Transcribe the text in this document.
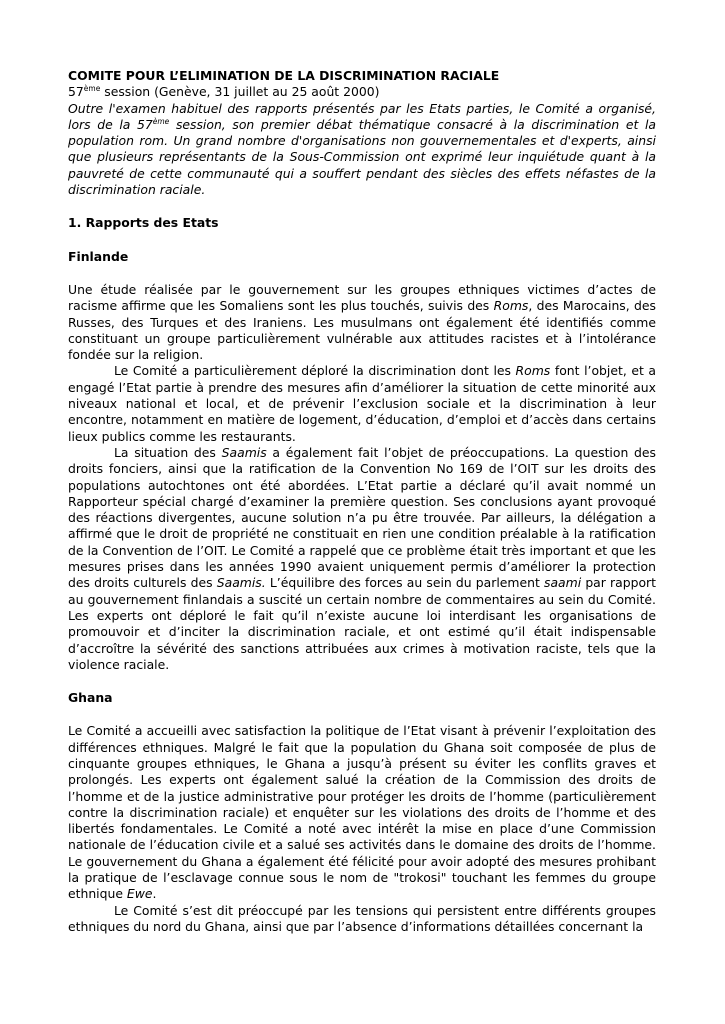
COMITE POUR L’ELIMINATION DE LA DISCRIMINATION RACIALE

57ème session (Genève, 31 juillet au 25 août 2000)

Outre l'examen habituel des rapports présentés par les Etats parties, le Comité a organisé, lors de la 57ème session, son premier débat thématique consacré à la discrimination et la population rom. Un grand nombre d'organisations non gouvernementales et d'experts, ainsi que plusieurs représentants de la Sous-Commission ont exprimé leur inquiétude quant à la pauvreté de cette communauté qui a souffert pendant des siècles des effets néfastes de la discrimination raciale.

1. Rapports des Etats

Finlande

Une étude réalisée par le gouvernement sur les groupes ethniques victimes d’actes de racisme affirme que les Somaliens sont les plus touchés, suivis des Roms, des Marocains, des Russes, des Turques et des Iraniens. Les musulmans ont également été identifiés comme constituant un groupe particulièrement vulnérable aux attitudes racistes et à l’intolérance fondée sur la religion.

Le Comité a particulièrement déploré la discrimination dont les Roms font l’objet, et a engagé l’Etat partie à prendre des mesures afin d’améliorer la situation de cette minorité aux niveaux national et local, et de prévenir l’exclusion sociale et la discrimination à leur encontre, notamment en matière de logement, d’éducation, d’emploi et d’accès dans certains lieux publics comme les restaurants.

La situation des Saamis a également fait l’objet de préoccupations. La question des droits fonciers, ainsi que la ratification de la Convention No 169 de l’OIT sur les droits des populations autochtones ont été abordées. L’Etat partie a déclaré qu’il avait nommé un Rapporteur spécial chargé d’examiner la première question. Ses conclusions ayant provoqué des réactions divergentes, aucune solution n’a pu être trouvée. Par ailleurs, la délégation a affirmé que le droit de propriété ne constituait en rien une condition préalable à la ratification de la Convention de l’OIT. Le Comité a rappelé que ce problème était très important et que les mesures prises dans les années 1990 avaient uniquement permis d’améliorer la protection des droits culturels des Saamis. L’équilibre des forces au sein du parlement saami par rapport au gouvernement finlandais a suscité un certain nombre de commentaires au sein du Comité. Les experts ont déploré le fait qu’il n’existe aucune loi interdisant les organisations de promouvoir et d’inciter la discrimination raciale, et ont estimé qu’il était indispensable d’accroître la sévérité des sanctions attribuées aux crimes à motivation raciste, tels que la violence raciale.

Ghana

Le Comité a accueilli avec satisfaction la politique de l’Etat visant à prévenir l’exploitation des différences ethniques. Malgré le fait que la population du Ghana soit composée de plus de cinquante groupes ethniques, le Ghana a jusqu’à présent su éviter les conflits graves et prolongés. Les experts ont également salué la création de la Commission des droits de l’homme et de la justice administrative pour protéger les droits de l’homme (particulièrement contre la discrimination raciale) et enquêter sur les violations des droits de l’homme et des libertés fondamentales. Le Comité a noté avec intérêt la mise en place d’une Commission nationale de l’éducation civile et a salué ses activités dans le domaine des droits de l’homme. Le gouvernement du Ghana a également été félicité pour avoir adopté des mesures prohibant la pratique de l’esclavage connue sous le nom de "trokosi" touchant les femmes du groupe ethnique Ewe.

Le Comité s’est dit préoccupé par les tensions qui persistent entre différents groupes ethniques du nord du Ghana, ainsi que par l’absence d’informations détaillées concernant la
